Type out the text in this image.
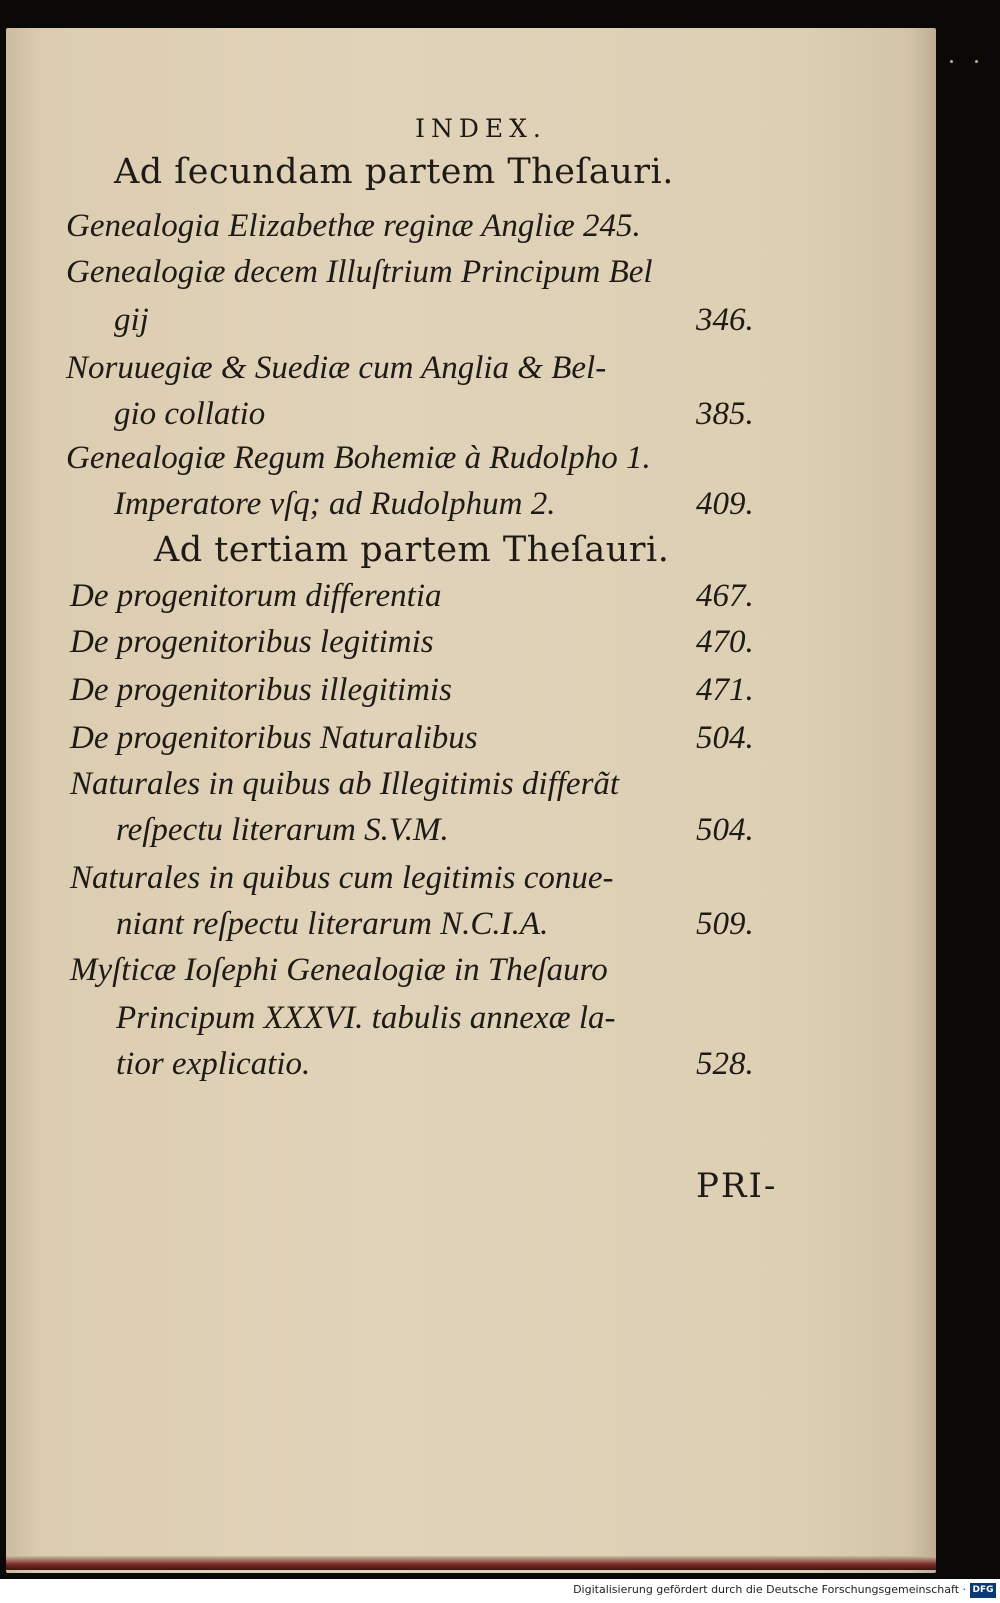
INDEX.
Ad ſecundam partem Theſauri.
Genealogia Elizabethæ reginæ Angliæ 245.
Genealogiæ decem Illuſtrium Principum Bel
gij	346.
Noruuegiæ & Suediæ cum Anglia & Bel-
gio collatio	385.
Genealogiæ Regum Bohemiæ à Rudolpho 1.
Imperatore vſq; ad Rudolphum 2.	409.
Ad tertiam partem Theſauri.
De progenitorum differentia	467.
De progenitoribus legitimis	470.
De progenitoribus illegitimis	471.
De progenitoribus Naturalibus	504.
Naturales in quibus ab Illegitimis differãt
reſpectu literarum S.V.M.	504.
Naturales in quibus cum legitimis conue-
niant reſpectu literarum N.C.I.A.	509.
Myſticæ Ioſephi Genealogiæ in Theſauro
Principum XXXVI. tabulis annexæ la-
tior explicatio.	528.
PRI-
Digitalisierung gefördert durch die Deutsche Forschungsgemeinschaft · DFG
